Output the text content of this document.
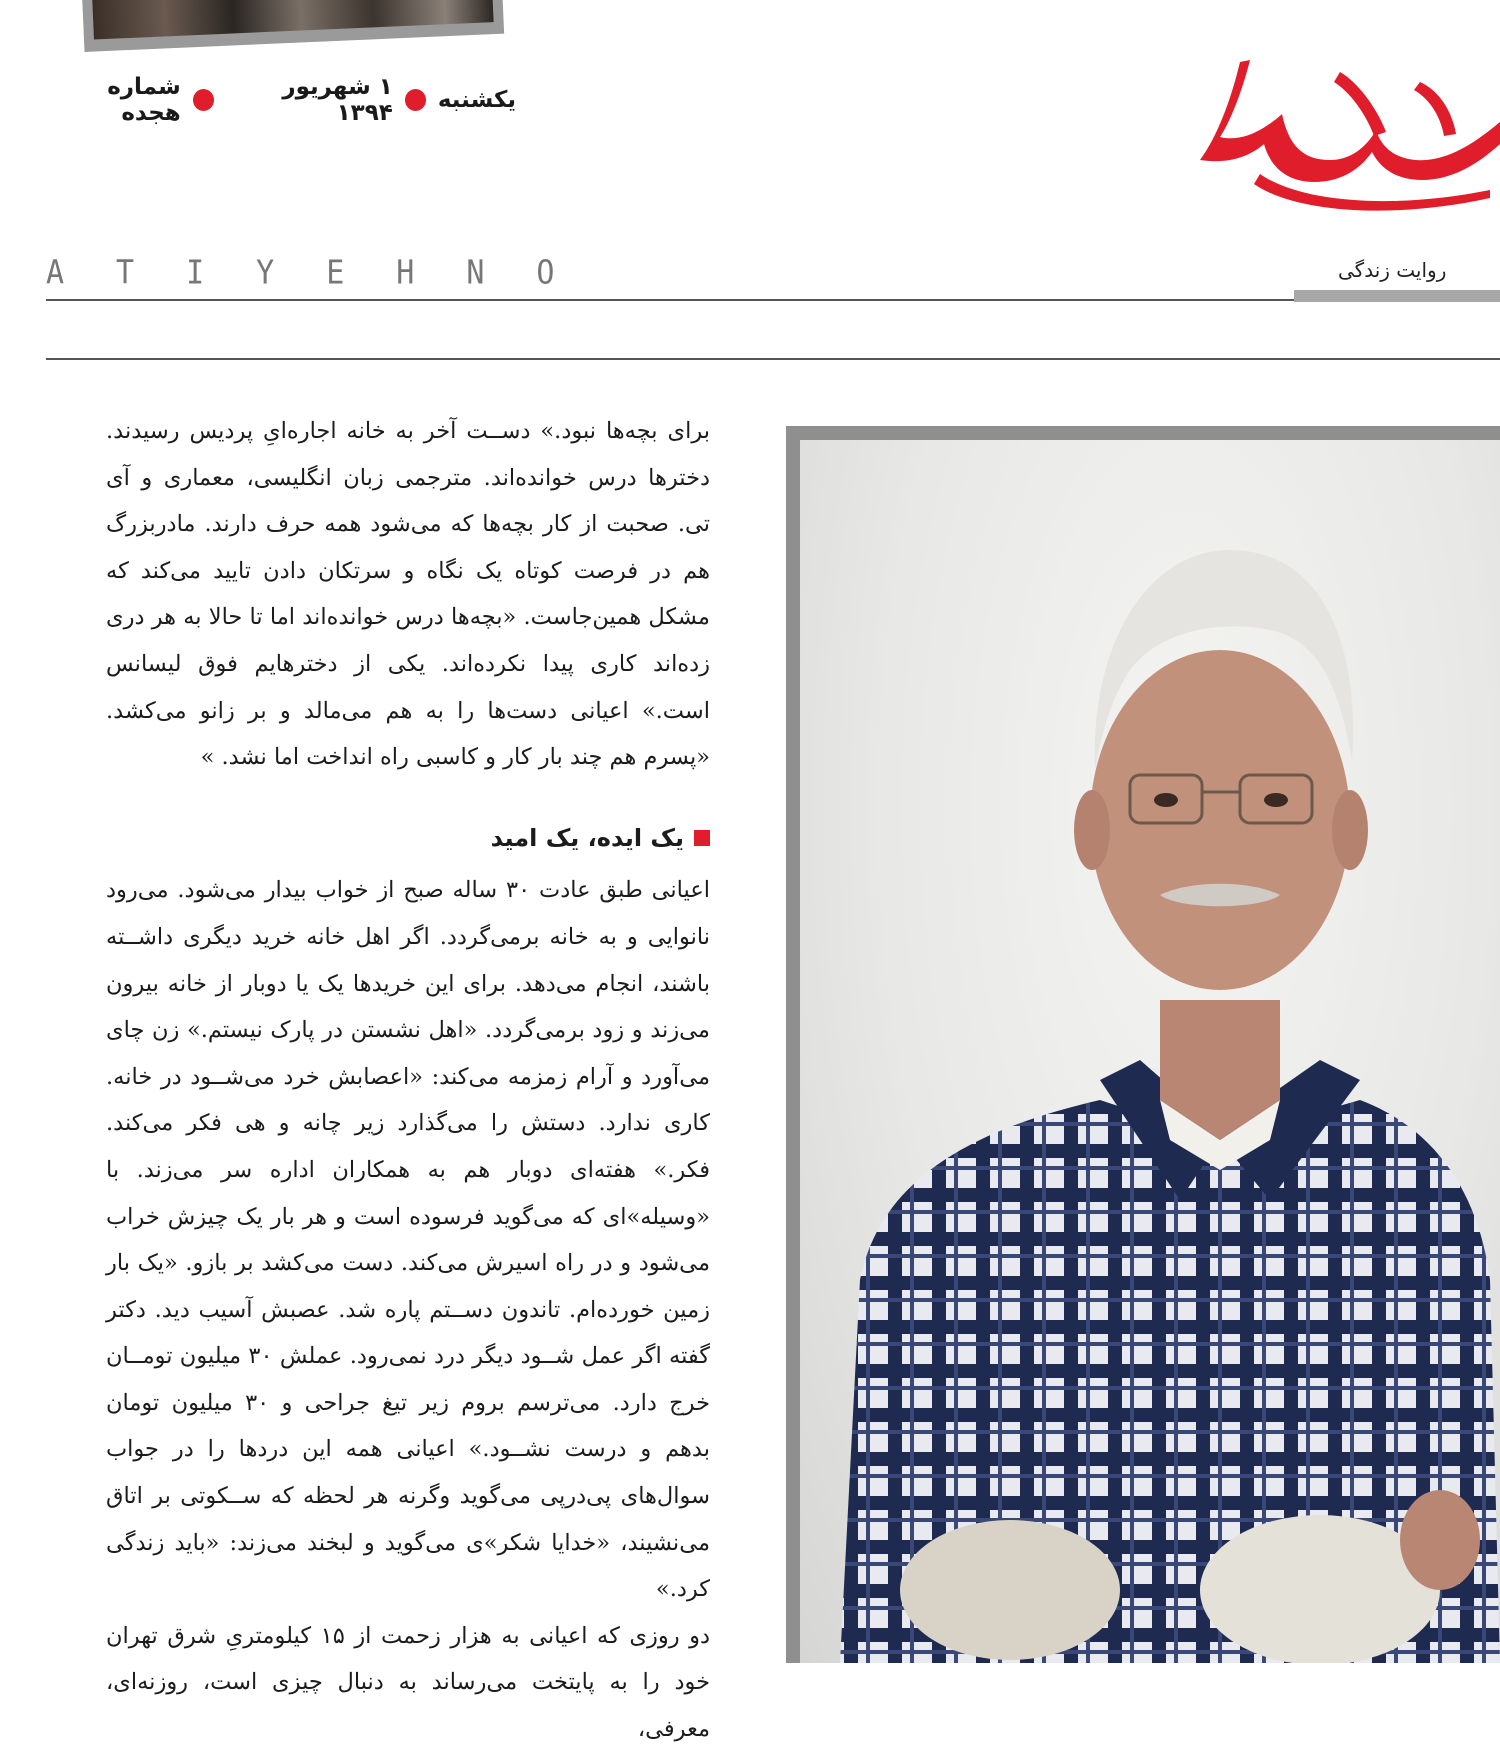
یکشنبه
۱ شهریور ۱۳۹۴
شماره هجده
روایت زندگی
ATIYEHNO

برای بچه‌ها نبود.» دســت آخر به خانه اجاره‌ایِ پردیس رسیدند. دخترها درس خوانده‌اند. مترجمی زبان انگلیسی، معماری و آی تی. صحبت از کار بچه‌ها که می‌شود همه حرف دارند. مادربزرگ هم در فرصت کوتاه یک نگاه و سرتکان دادن تایید می‌کند که مشکل همین‌جاست. «بچه‌ها درس خوانده‌اند اما تا حالا به هر دری زده‌اند کاری پیدا نکرده‌اند. یکی از دخترهایم فوق لیسانس است.» اعیانی دست‌ها را به هم می‌مالد و بر زانو می‌کشد. «پسرم هم چند بار کار و کاسبی راه انداخت اما نشد. »

یک ایده، یک امید

اعیانی طبق عادت ۳۰ ساله صبح از خواب بیدار می‌شود. می‌رود نانوایی و به خانه برمی‌گردد. اگر اهل خانه خرید دیگری داشــته باشند، انجام می‌دهد. برای این خریدها یک یا دوبار از خانه بیرون می‌زند و زود برمی‌گردد. «اهل نشستن در پارک نیستم.» زن چای می‌آورد و آرام زمزمه می‌کند: «اعصابش خرد می‌شــود در خانه. کاری ندارد. دستش را می‌گذارد زیر چانه و هی فکر می‌کند. فکر.» هفته‌ای دوبار هم به همکاران اداره سر می‌زند. با «وسیله»ای که می‌گوید فرسوده است و هر بار یک چیزش خراب می‌شود و در راه اسیرش می‌کند. دست می‌کشد بر بازو. «یک بار زمین خورده‌ام. تاندون دســتم پاره شد. عصبش آسیب دید. دکتر گفته اگر عمل شــود دیگر درد نمی‌رود. عملش ۳۰ میلیون تومــان خرج دارد. می‌ترسم بروم زیر تیغ جراحی و ۳۰ میلیون تومان بدهم و درست نشــود.» اعیانی همه این دردها را در جواب سوال‌های پی‌درپی می‌گوید وگرنه هر لحظه که ســکوتی بر اتاق می‌نشیند، «خدایا شکر»ی می‌گوید و لبخند می‌زند: «باید زندگی کرد.»

دو روزی که اعیانی به هزار زحمت از ۱۵ کیلومتریِ شرق تهران خود را به پایتخت می‌رساند به دنبال چیزی است، روزنه‌ای، معرفی،
